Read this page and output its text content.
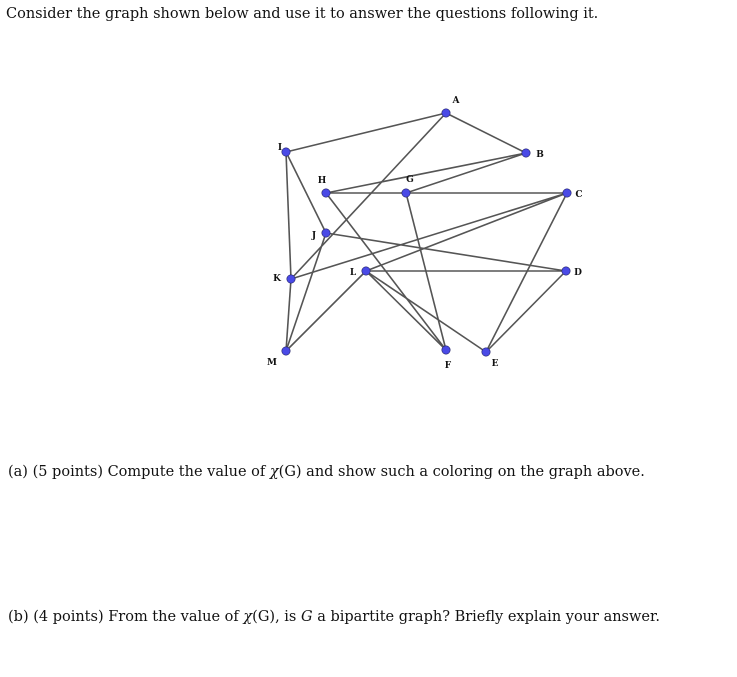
Consider the graph shown below and use it to answer the questions following it.
A
B
C
D
E
F
G
H
I
J
K
L
M
(a) (5 points) Compute the value of χ(G) and show such a coloring on the graph above.
(b) (4 points) From the value of χ(G), is G a bipartite graph? Briefly explain your answer.
